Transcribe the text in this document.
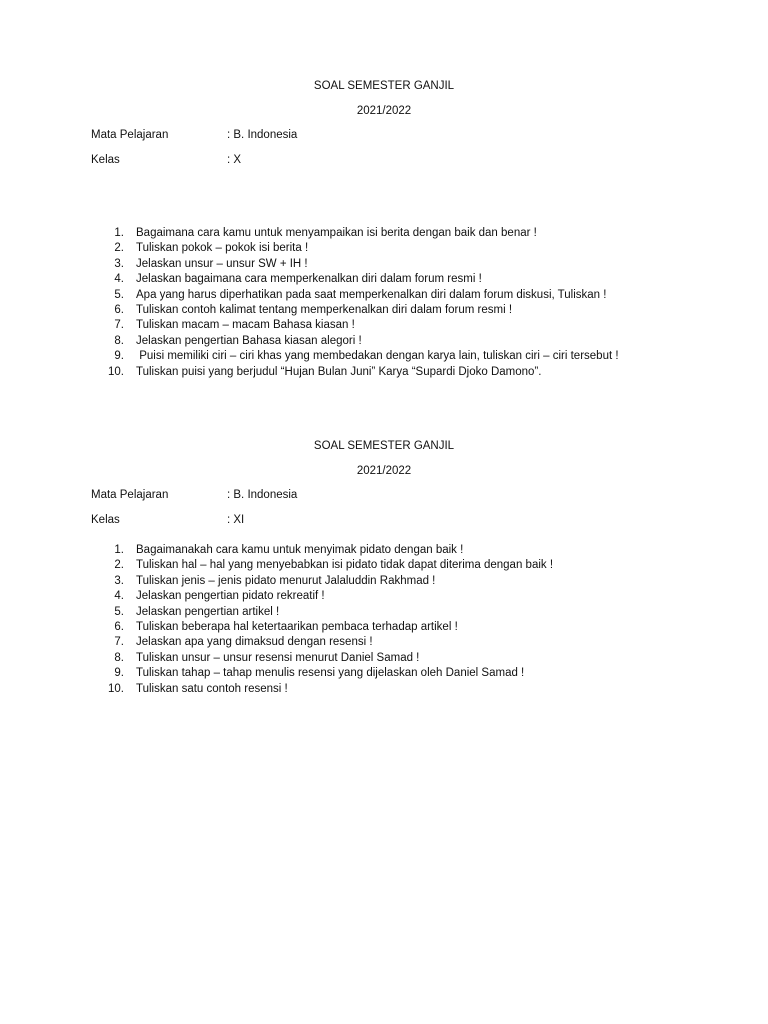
SOAL SEMESTER GANJIL
2021/2022
Mata Pelajaran	: B. Indonesia
Kelas	: X
1. Bagaimana cara kamu untuk menyampaikan isi berita dengan baik dan benar !
2. Tuliskan pokok – pokok isi berita !
3. Jelaskan unsur – unsur SW + IH !
4. Jelaskan bagaimana cara memperkenalkan diri dalam forum resmi !
5. Apa yang harus diperhatikan pada saat memperkenalkan diri dalam forum diskusi, Tuliskan !
6. Tuliskan contoh kalimat tentang memperkenalkan diri dalam forum resmi !
7. Tuliskan macam – macam Bahasa kiasan !
8. Jelaskan pengertian Bahasa kiasan alegori !
9. Puisi memiliki ciri – ciri khas yang membedakan dengan karya lain, tuliskan ciri – ciri tersebut !
10. Tuliskan puisi yang berjudul “Hujan Bulan Juni” Karya “Supardi Djoko Damono”.
SOAL SEMESTER GANJIL
2021/2022
Mata Pelajaran	: B. Indonesia
Kelas	: XI
1. Bagaimanakah cara kamu untuk menyimak pidato dengan baik !
2. Tuliskan hal – hal yang menyebabkan isi pidato tidak dapat diterima dengan baik !
3. Tuliskan jenis – jenis pidato menurut Jalaluddin Rakhmad !
4. Jelaskan pengertian pidato rekreatif !
5. Jelaskan pengertian artikel !
6. Tuliskan beberapa hal ketertaarikan pembaca terhadap artikel !
7. Jelaskan apa yang dimaksud dengan resensi !
8. Tuliskan unsur – unsur resensi menurut Daniel Samad !
9. Tuliskan tahap – tahap menulis resensi yang dijelaskan oleh Daniel Samad !
10. Tuliskan satu contoh resensi !
